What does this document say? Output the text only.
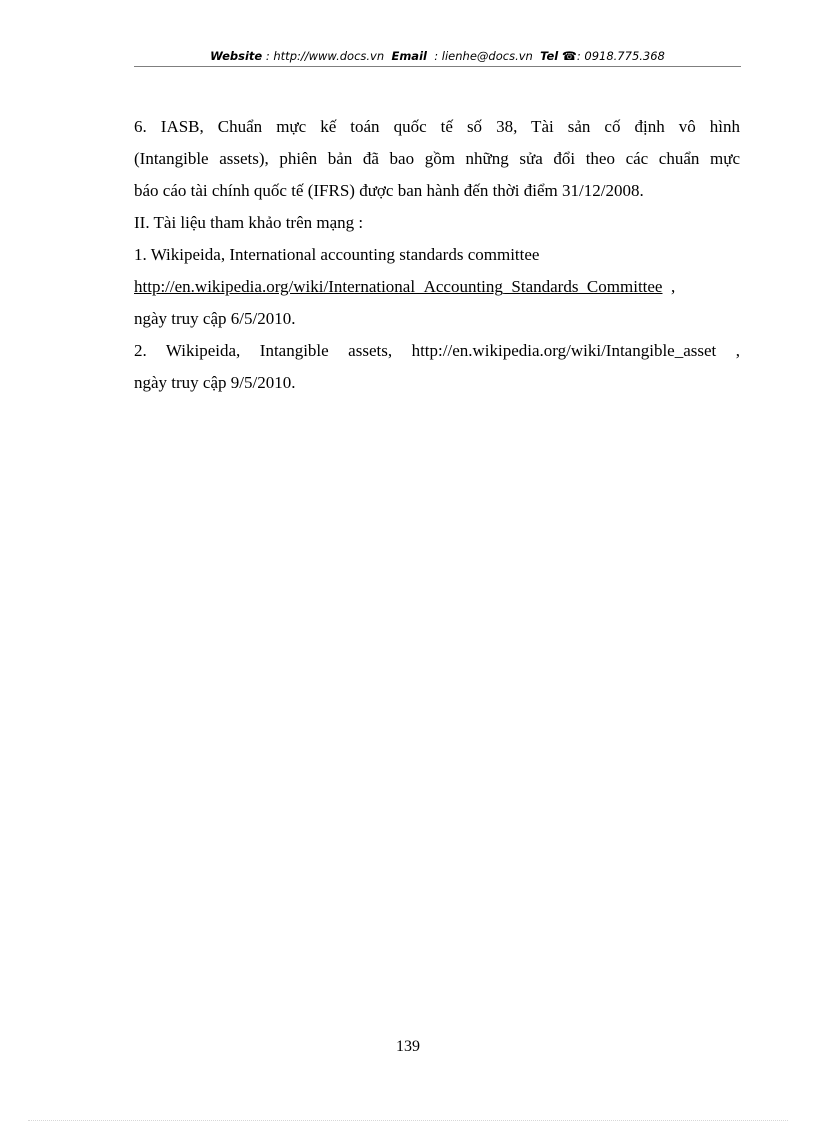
Website : http://www.docs.vn Email : lienhe@docs.vn Tel ☎: 0918.775.368

6. IASB, Chuẩn mực kế toán quốc tế số 38, Tài sản cố định vô hình
(Intangible assets), phiên bản đã bao gồm những sửa đổi theo các chuẩn mực
báo cáo tài chính quốc tế (IFRS) được ban hành đến thời điểm 31/12/2008.

II. Tài liệu tham khảo trên mạng :

1. Wikipeida, International accounting standards committee
http://en.wikipedia.org/wiki/International_Accounting_Standards_Committee ,
ngày truy cập 6/5/2010.

2. Wikipeida, Intangible assets, http://en.wikipedia.org/wiki/Intangible_asset ,
ngày truy cập 9/5/2010.

139
